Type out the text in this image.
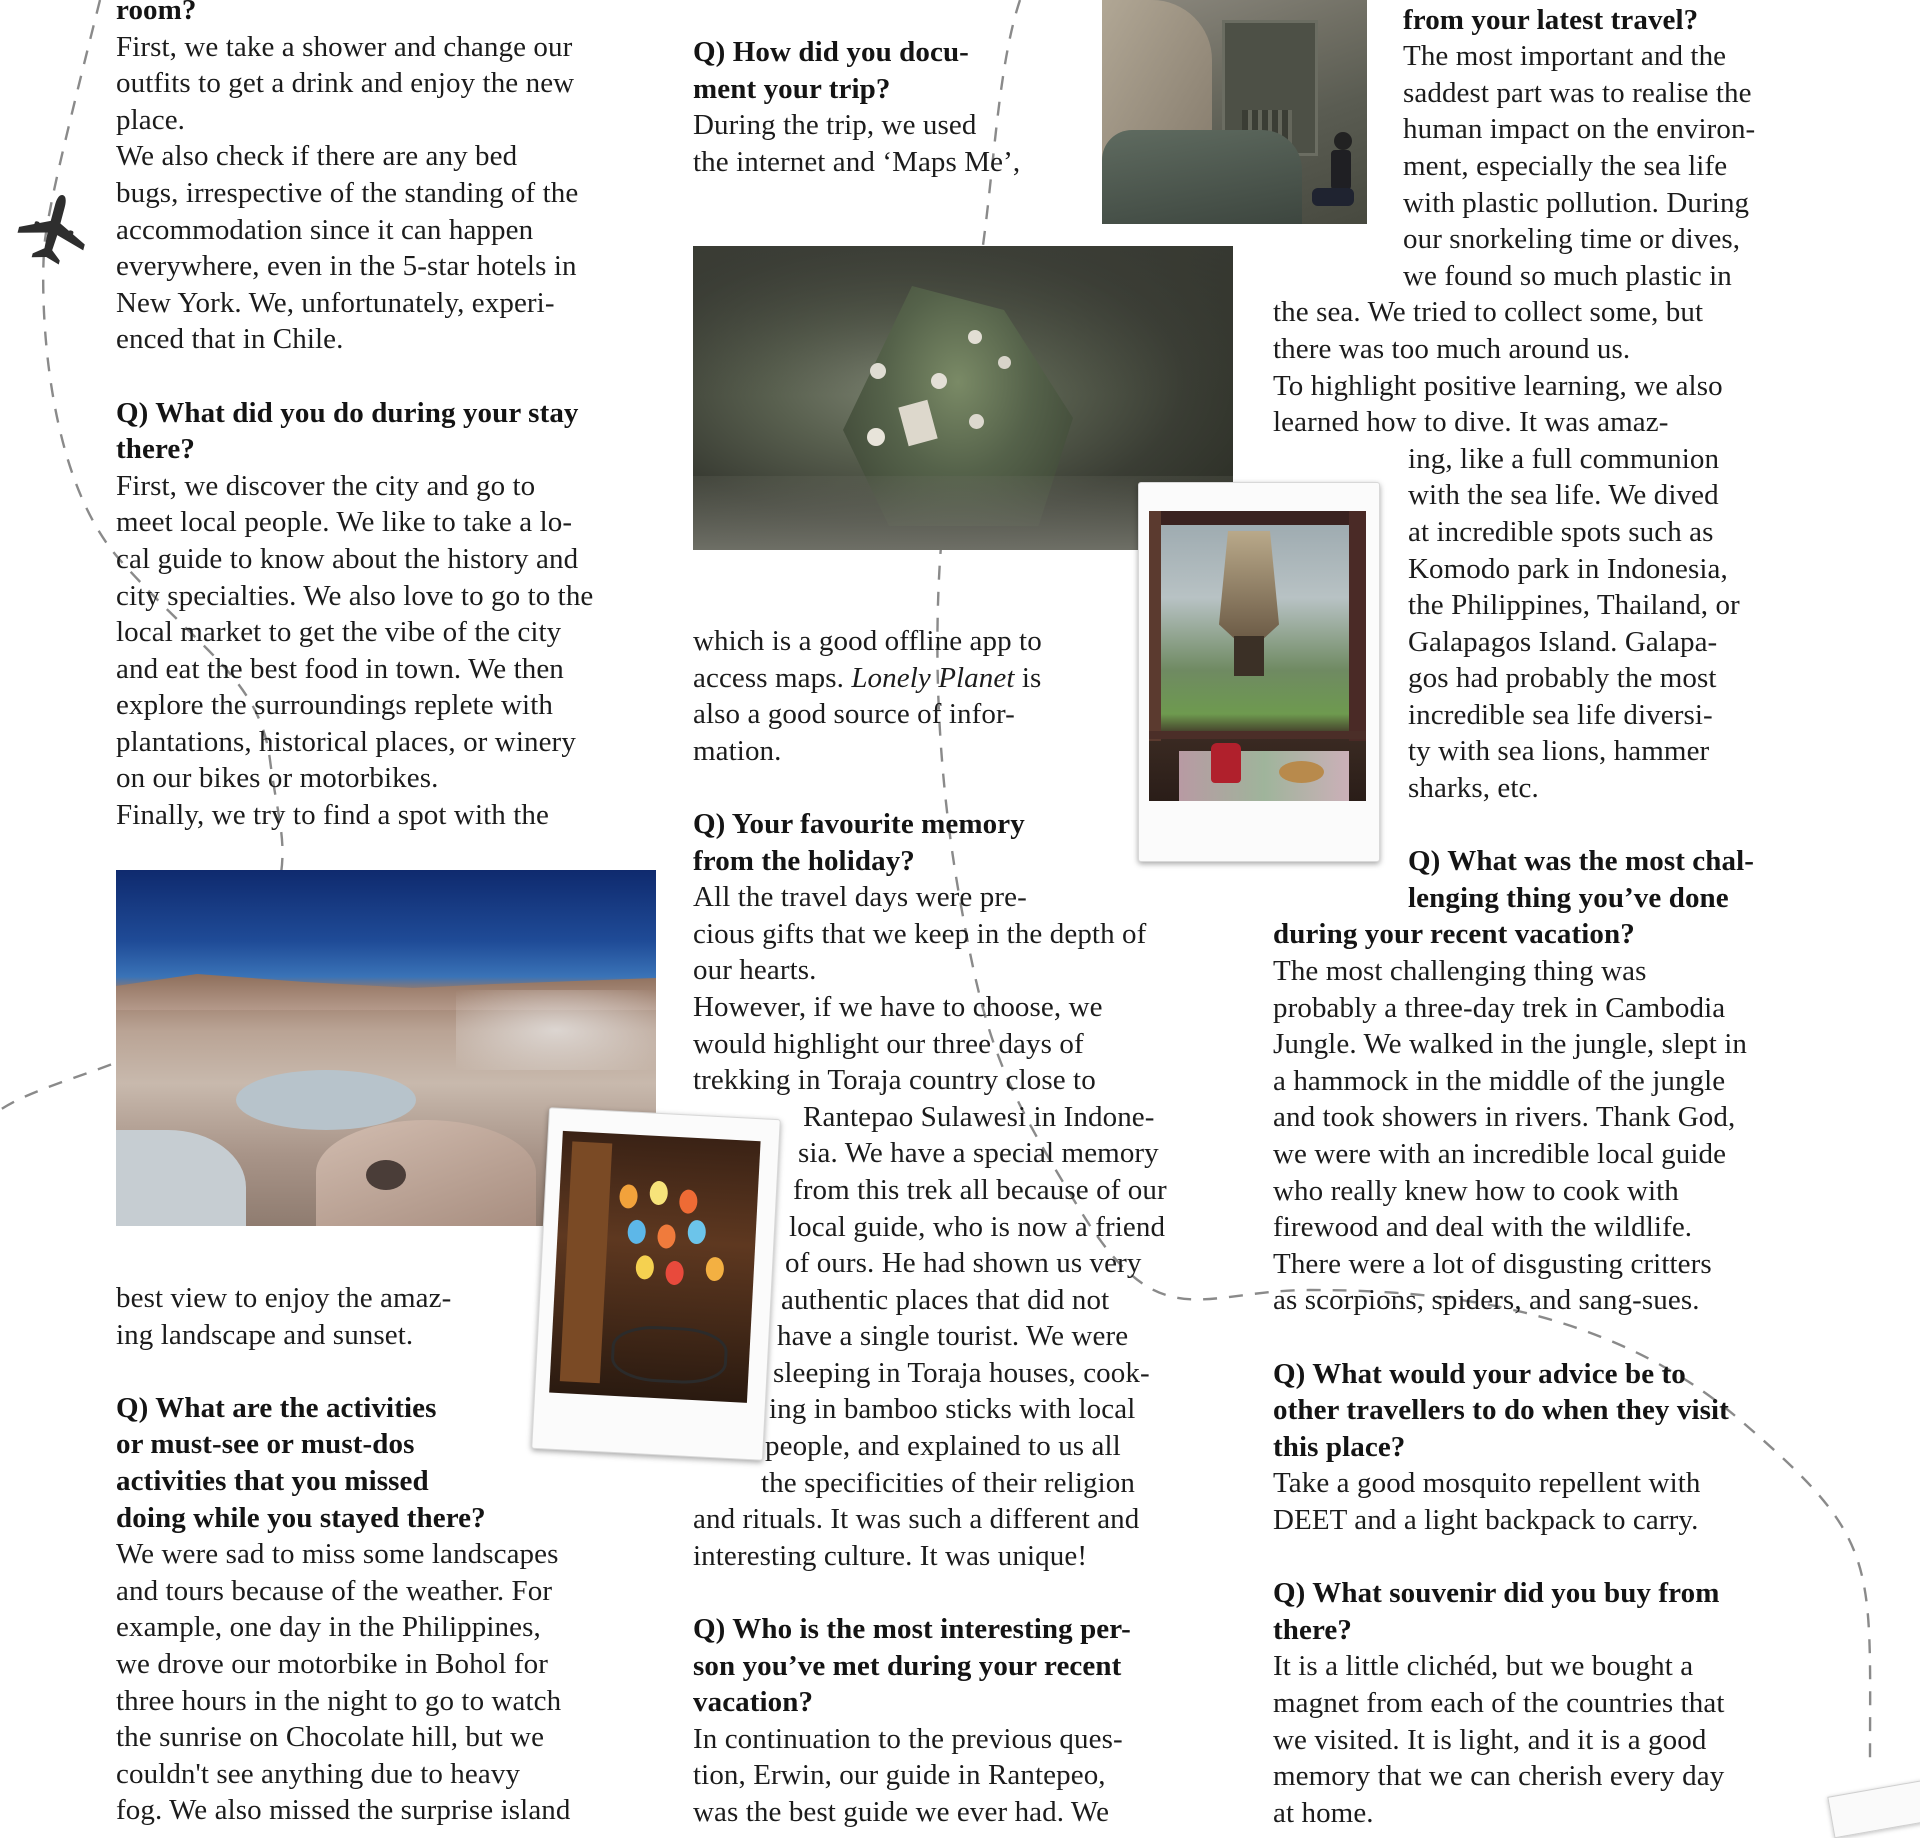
room?
First, we take a shower and change our
outfits to get a drink and enjoy the new
place.
We also check if there are any bed
bugs, irrespective of the standing of the
accommodation since it can happen
everywhere, even in the 5-star hotels in
New York. We, unfortunately, experi-
enced that in Chile.
Q) What did you do during your stay
there?
First, we discover the city and go to
meet local people. We like to take a lo-
cal guide to know about the history and
city specialties. We also love to go to the
local market to get the vibe of the city
and eat the best food in town. We then
explore the surroundings replete with
plantations, historical places, or winery
on our bikes or motorbikes.
Finally, we try to find a spot with the
best view to enjoy the amaz-
ing landscape and sunset.
Q) What are the activities
or must-see or must-dos
activities that you missed
doing while you stayed there?
We were sad to miss some landscapes
and tours because of the weather. For
example, one day in the Philippines,
we drove our motorbike in Bohol for
three hours in the night to go to watch
the sunrise on Chocolate hill, but we
couldn't see anything due to heavy
fog. We also missed the surprise island
Q) How did you docu-
ment your trip?
During the trip, we used
the internet and ‘Maps Me’,
which is a good offline app to
access maps. Lonely Planet is
also a good source of infor-
mation.
Q) Your favourite memory
from the holiday?
All the travel days were pre-
cious gifts that we keep in the depth of
our hearts.
However, if we have to choose, we
would highlight our three days of
trekking in Toraja country close to
Rantepao Sulawesi in Indone-
sia. We have a special memory
from this trek all because of our
local guide, who is now a friend
of ours. He had shown us very
authentic places that did not
have a single tourist. We were
sleeping in Toraja houses, cook-
ing in bamboo sticks with local
people, and explained to us all
the specificities of their religion
and rituals. It was such a different and
interesting culture. It was unique!
Q) Who is the most interesting per-
son you’ve met during your recent
vacation?
In continuation to the previous ques-
tion, Erwin, our guide in Rantepeo,
was the best guide we ever had. We
from your latest travel?
The most important and the
saddest part was to realise the
human impact on the environ-
ment, especially the sea life
with plastic pollution. During
our snorkeling time or dives,
we found so much plastic in
the sea. We tried to collect some, but
there was too much around us.
To highlight positive learning, we also
learned how to dive. It was amaz-
ing, like a full communion
with the sea life. We dived
at incredible spots such as
Komodo park in Indonesia,
the Philippines, Thailand, or
Galapagos Island. Galapa-
gos had probably the most
incredible sea life diversi-
ty with sea lions, hammer
sharks, etc.
Q) What was the most chal-
lenging thing you’ve done
during your recent vacation?
The most challenging thing was
probably a three-day trek in Cambodia
Jungle. We walked in the jungle, slept in
a hammock in the middle of the jungle
and took showers in rivers. Thank God,
we were with an incredible local guide
who really knew how to cook with
firewood and deal with the wildlife.
There were a lot of disgusting critters
as scorpions, spiders, and sang-sues.
Q) What would your advice be to
other travellers to do when they visit
this place?
Take a good mosquito repellent with
DEET and a light backpack to carry.
Q) What souvenir did you buy from
there?
It is a little clichéd, but we bought a
magnet from each of the countries that
we visited. It is light, and it is a good
memory that we can cherish every day
at home.
